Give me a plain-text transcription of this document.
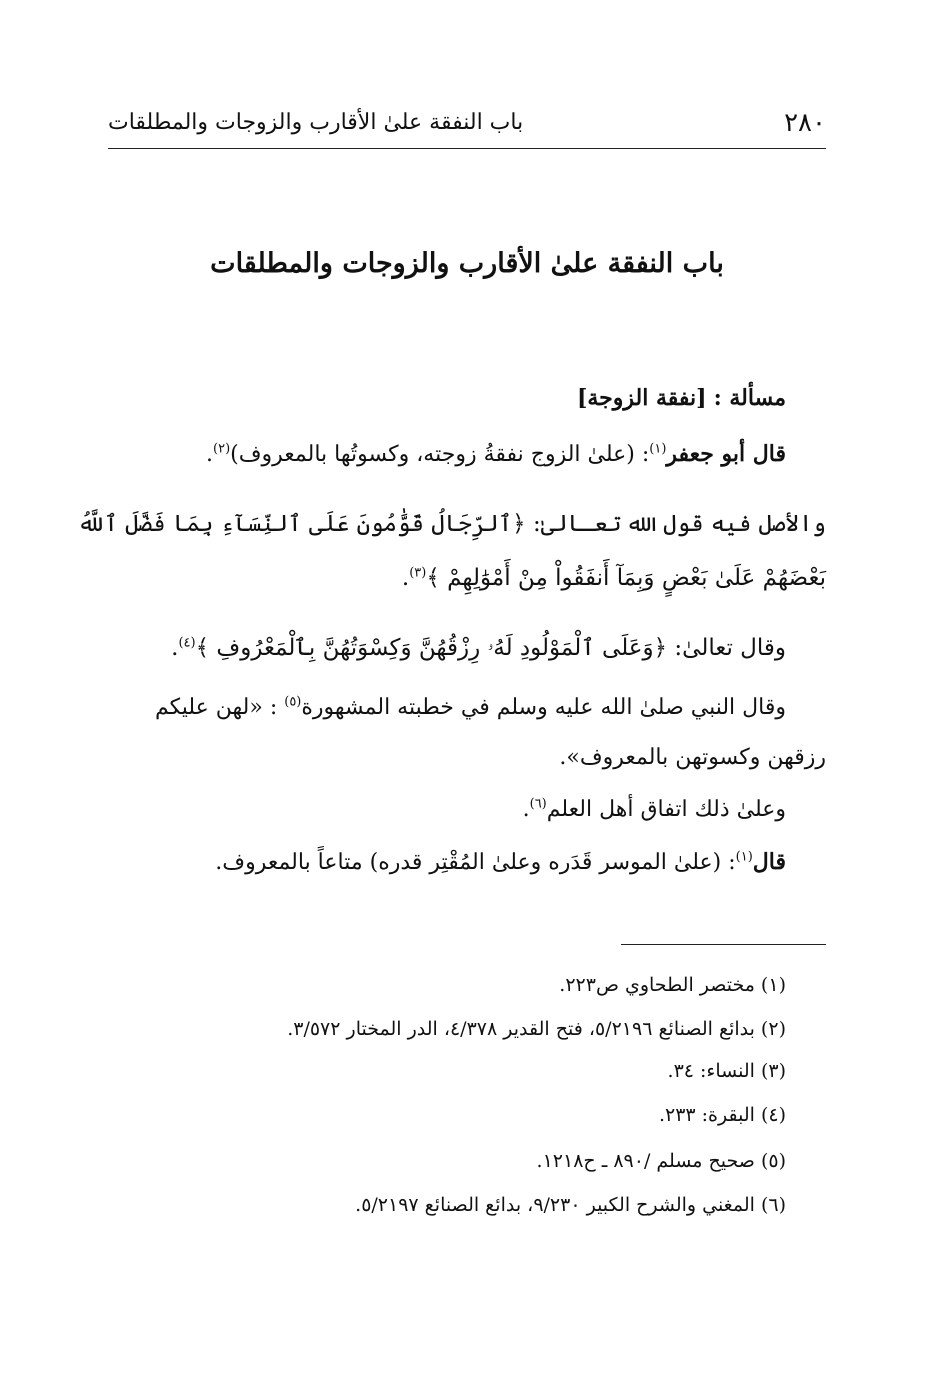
٢٨٠
باب النفقة علىٰ الأقارب والزوجات والمطلقات
باب النفقة علىٰ الأقارب والزوجات والمطلقات
مسألة : [نفقة الزوجة]
قال أبو جعفر$^{(١)}$: (علىٰ الزوج نفقةُ زوجته، وكسوتُها بالمعروف)$^{(٢)}$.
والأصل فيه قول الله تعـالىٰ: ﴿ٱلرِّجَالُ قَوَّٰمُونَ عَلَى ٱلنِّسَآءِ بِمَا فَضَّلَ ٱللَّهُ
بَعْضَهُمْ عَلَىٰ بَعْضٍ وَبِمَآ أَنفَقُواْ مِنْ أَمْوَٰلِهِمْ ﴾$^{(٣)}$.
وقال تعالىٰ: ﴿وَعَلَى ٱلْمَوْلُودِ لَهُۥ رِزْقُهُنَّ وَكِسْوَتُهُنَّ بِٱلْمَعْرُوفِ ﴾$^{(٤)}$.
وقال النبي صلىٰ الله عليه وسلم في خطبته المشهورة$^{(٥)}$ : «لهن عليكم
رزقهن وكسوتهن بالمعروف».
وعلىٰ ذلك اتفاق أهل العلم$^{(٦)}$.
قال$^{(١)}$: (علىٰ الموسر قَدَره وعلىٰ المُقْتِر قدره) متاعاً بالمعروف.
(١) مختصر الطحاوي ص٢٢٣.
(٢) بدائع الصنائع ٥/٢١٩٦، فتح القدير ٤/٣٧٨، الدر المختار ٣/٥٧٢.
(٣) النساء: ٣٤.
(٤) البقرة: ٢٣٣.
(٥) صحيح مسلم /٨٩٠ ـ ح١٢١٨.
(٦) المغني والشرح الكبير ٩/٢٣٠، بدائع الصنائع ٥/٢١٩٧.
